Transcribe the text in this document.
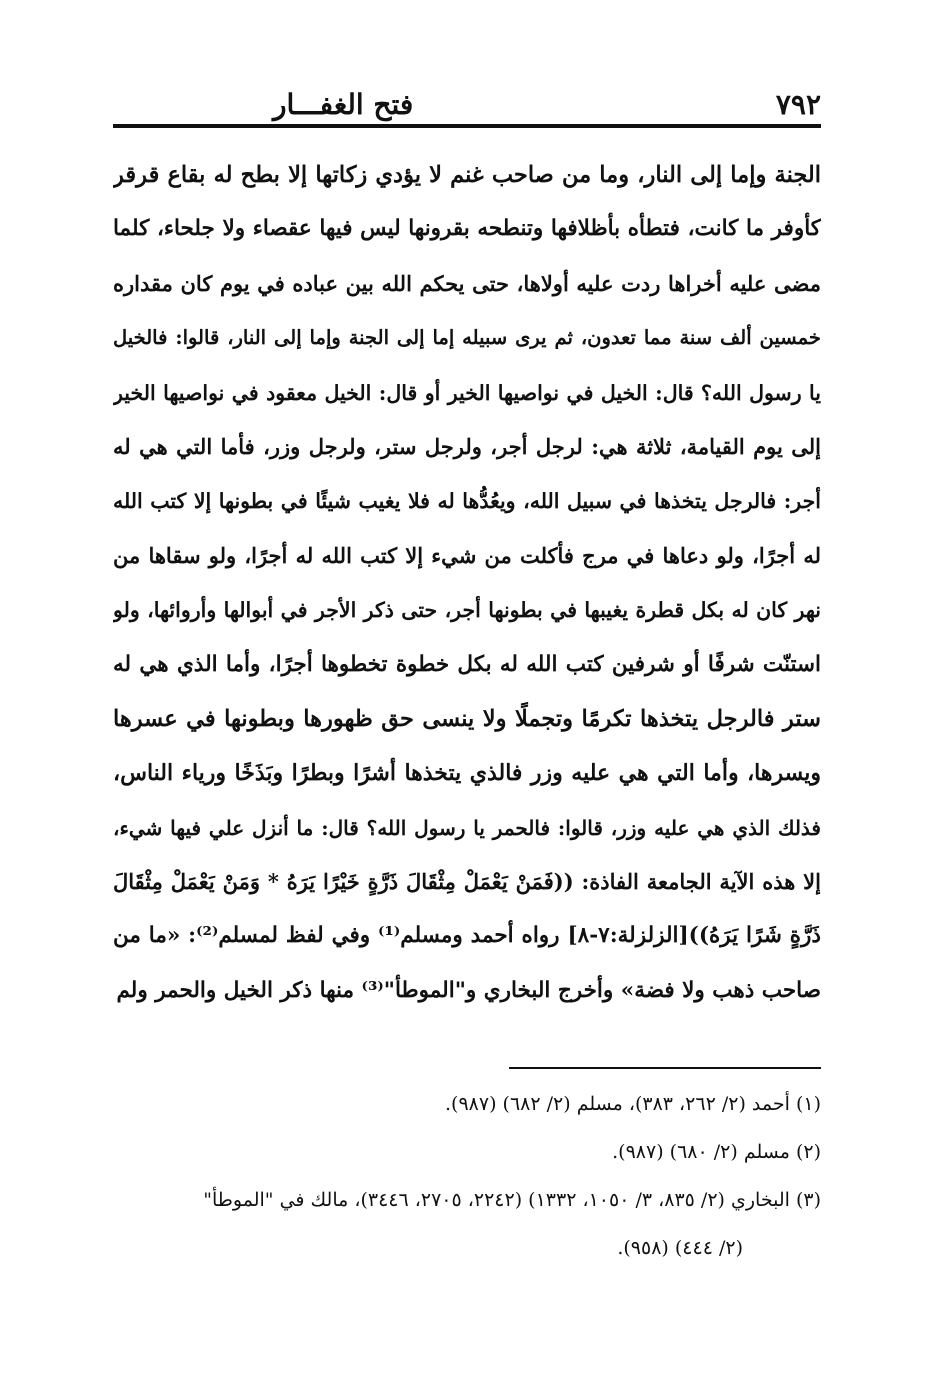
٧٩٢
فتح الغفـــار
الجنة وإما إلى النار، وما من صاحب غنم لا يؤدي زكاتها إلا بطح له بقاع قرقر
كأوفر ما كانت، فتطأه بأظلافها وتنطحه بقرونها ليس فيها عقصاء ولا جلحاء، كلما
مضى عليه أخراها ردت عليه أولاها، حتى يحكم الله بين عباده في يوم كان مقداره
خمسين ألف سنة مما تعدون، ثم يرى سبيله إما إلى الجنة وإما إلى النار، قالوا: فالخيل
يا رسول الله؟ قال: الخيل في نواصيها الخير أو قال: الخيل معقود في نواصيها الخير
إلى يوم القيامة، ثلاثة هي: لرجل أجر، ولرجل ستر، ولرجل وزر، فأما التي هي له
أجر: فالرجل يتخذها في سبيل الله، ويعُدُّها له فلا يغيب شيئًا في بطونها إلا كتب الله
له أجرًا، ولو دعاها في مرج فأكلت من شيء إلا كتب الله له أجرًا، ولو سقاها من
نهر كان له بكل قطرة يغيبها في بطونها أجر، حتى ذكر الأجر في أبوالها وأروائها، ولو
استنّت شرفًا أو شرفين كتب الله له بكل خطوة تخطوها أجرًا، وأما الذي هي له
ستر فالرجل يتخذها تكرمًا وتجملًا ولا ينسى حق ظهورها وبطونها في عسرها
ويسرها، وأما التي هي عليه وزر فالذي يتخذها أشرًا وبطرًا وبَذَخًا ورياء الناس،
فذلك الذي هي عليه وزر، قالوا: فالحمر يا رسول الله؟ قال: ما أنزل علي فيها شيء،
إلا هذه الآية الجامعة الفاذة: ((فَمَنْ يَعْمَلْ مِثْقَالَ ذَرَّةٍ خَيْرًا يَرَهُ * وَمَنْ يَعْمَلْ مِثْقَالَ
ذَرَّةٍ شَرًا يَرَهُ))[الزلزلة:٧-٨] رواه أحمد ومسلم⁽¹⁾ وفي لفظ لمسلم⁽²⁾: «ما من
صاحب ذهب ولا فضة» وأخرج البخاري و"الموطأ"⁽³⁾ منها ذكر الخيل والحمر ولم
(١) أحمد (٢/ ٢٦٢، ٣٨٣)، مسلم (٢/ ٦٨٢) (٩٨٧).
(٢) مسلم (٢/ ٦٨٠) (٩٨٧).
(٣) البخاري (٢/ ٨٣٥، ٣/ ١٠٥٠، ١٣٣٢) (٢٢٤٢، ٢٧٠٥، ٣٤٤٦)، مالك في "الموطأ"
(٢/ ٤٤٤) (٩٥٨).
